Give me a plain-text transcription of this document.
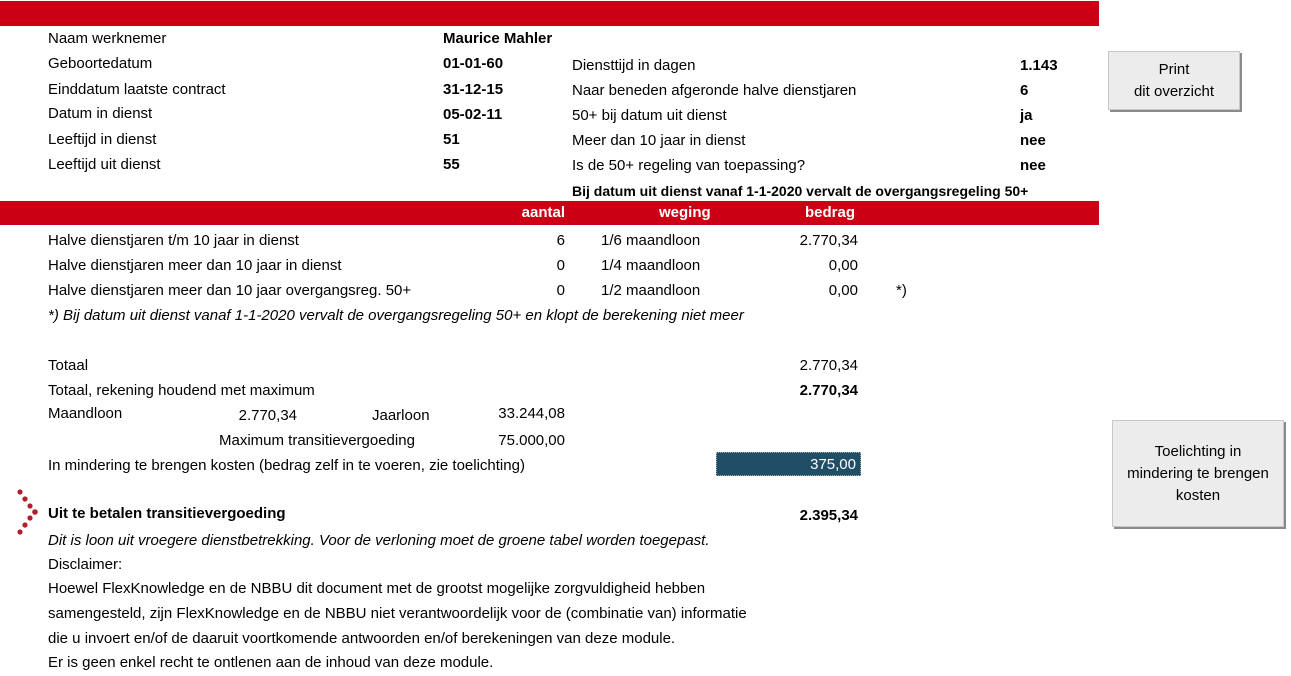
Naam werknemer	Maurice Mahler
Geboortedatum	01-01-60
Einddatum laatste contract	31-12-15
Datum in dienst	05-02-11
Leeftijd in dienst	51
Leeftijd uit dienst	55
Diensttijd in dagen	1.143
Naar beneden afgeronde halve dienstjaren	6
50+ bij datum uit dienst	ja
Meer dan 10 jaar in dienst	nee
Is de 50+ regeling van toepassing?	nee
Bij datum uit dienst vanaf 1-1-2020 vervalt de overgangsregeling 50+
Print
dit overzicht
aantal	weging	bedrag
Halve dienstjaren t/m 10 jaar in dienst	6 1/6 maandloon	2.770,34
Halve dienstjaren meer dan 10 jaar in dienst	0 1/4 maandloon	0,00
Halve dienstjaren meer dan 10 jaar overgangsreg. 50+	0 1/2 maandloon	0,00	*)
*) Bij datum uit dienst vanaf 1-1-2020 vervalt de overgangsregeling 50+ en klopt de berekening niet meer
Totaal	2.770,34
Totaal, rekening houdend met maximum	2.770,34
Maandloon	2.770,34	Jaarloon	33.244,08
Maximum transitievergoeding	75.000,00
In mindering te brengen kosten (bedrag zelf in te voeren, zie toelichting)	375,00
Toelichting in
mindering te brengen
kosten
Uit te betalen transitievergoeding	2.395,34
Dit is loon uit vroegere dienstbetrekking. Voor de verloning moet de groene tabel worden toegepast.
Disclaimer:
Hoewel FlexKnowledge en de NBBU dit document met de grootst mogelijke zorgvuldigheid hebben
samengesteld, zijn FlexKnowledge en de NBBU niet verantwoordelijk voor de (combinatie van) informatie
die u invoert en/of de daaruit voortkomende antwoorden en/of berekeningen van deze module.
Er is geen enkel recht te ontlenen aan de inhoud van deze module.
